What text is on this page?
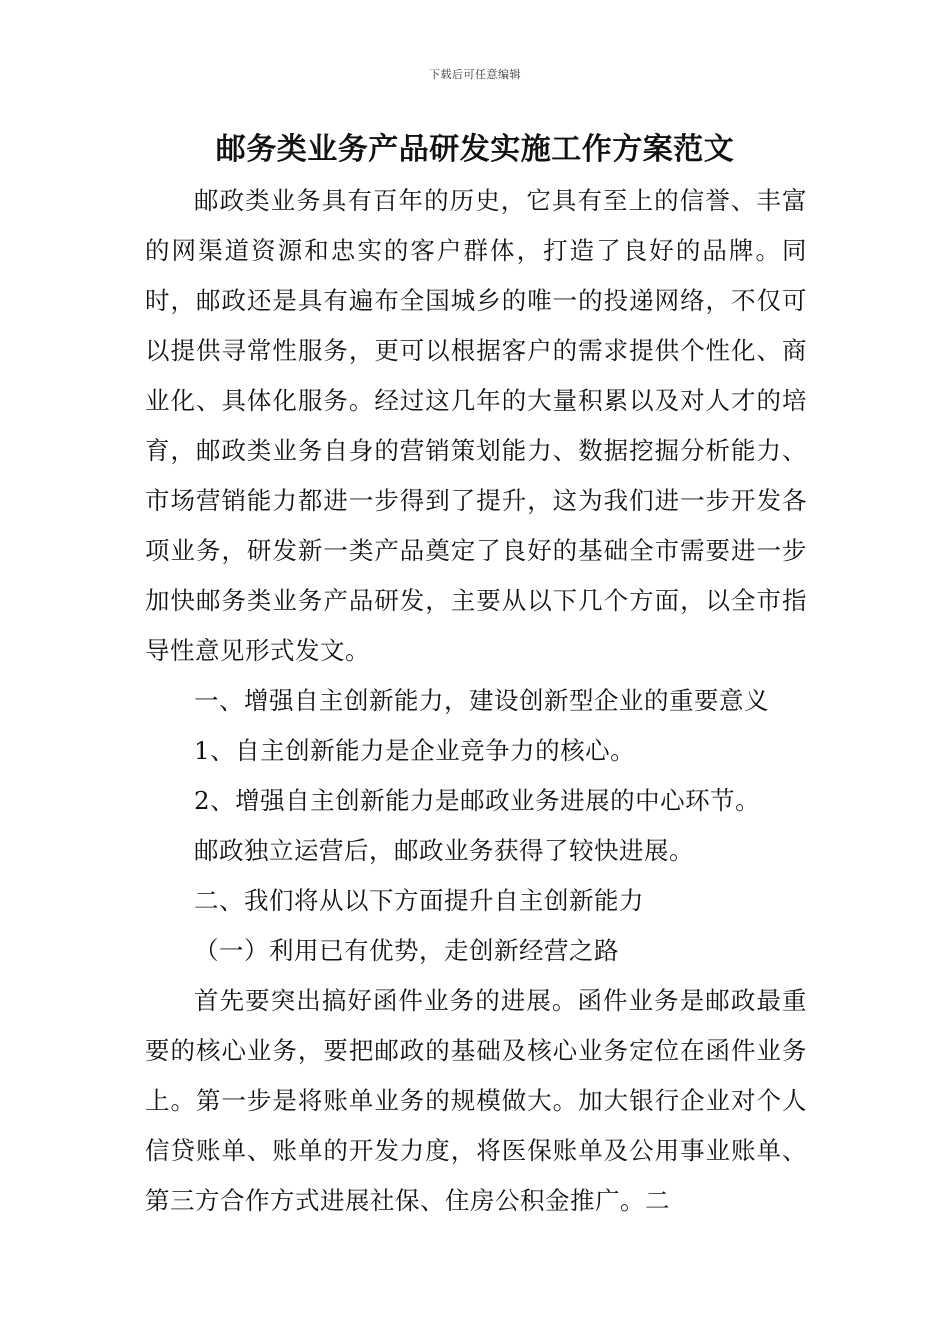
下载后可任意编辑
邮务类业务产品研发实施工作方案范文

邮政类业务具有百年的历史，它具有至上的信誉、丰富的网渠道资源和忠实的客户群体，打造了良好的品牌。同时，邮政还是具有遍布全国城乡的唯一的投递网络，不仅可以提供寻常性服务，更可以根据客户的需求提供个性化、商业化、具体化服务。经过这几年的大量积累以及对人才的培育，邮政类业务自身的营销策划能力、数据挖掘分析能力、市场营销能力都进一步得到了提升，这为我们进一步开发各项业务，研发新一类产品奠定了良好的基础全市需要进一步加快邮务类业务产品研发，主要从以下几个方面，以全市指导性意见形式发文。

一、增强自主创新能力，建设创新型企业的重要意义

1、自主创新能力是企业竞争力的核心。

2、增强自主创新能力是邮政业务进展的中心环节。

邮政独立运营后，邮政业务获得了较快进展。

二、我们将从以下方面提升自主创新能力

（一）利用已有优势，走创新经营之路

首先要突出搞好函件业务的进展。函件业务是邮政最重要的核心业务，要把邮政的基础及核心业务定位在函件业务上。第一步是将账单业务的规模做大。加大银行企业对个人信贷账单、账单的开发力度，将医保账单及公用事业账单、第三方合作方式进展社保、住房公积金推广。二
